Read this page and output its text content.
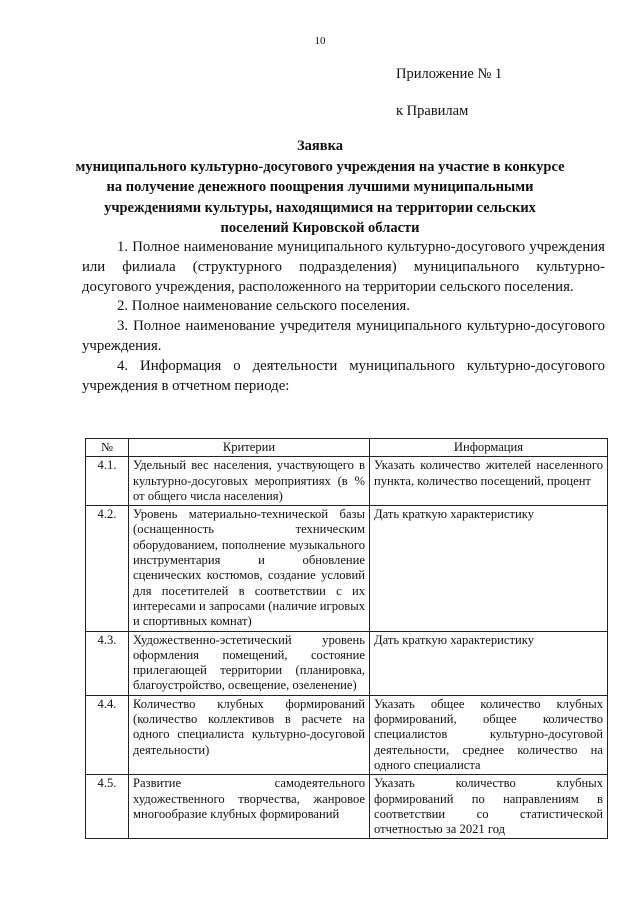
10
Приложение № 1
к Правилам
Заявка
муниципального культурно-досугового учреждения на участие в конкурсе
на получение денежного поощрения лучшими муниципальными
учреждениями культуры, находящимися на территории сельских
поселений Кировской области

1. Полное наименование муниципального культурно-досугового учреждения или филиала (структурного подразделения) муниципального культурно-досугового учреждения, расположенного на территории сельского поселения.

2. Полное наименование сельского поселения.

3. Полное наименование учредителя муниципального культурно-досугового учреждения.

4. Информация о деятельности муниципального культурно-досугового учреждения в отчетном периоде:

№	Критерии	Информация
4.1.	Удельный вес населения, участвующего в культурно-досуговых мероприятиях (в % от общего числа населения)	Указать количество жителей населенного пункта, количество посещений, процент
4.2.	Уровень материально-технической базы (оснащенность техническим оборудованием, пополнение музыкального инструментария и обновление сценических костюмов, создание условий для посетителей в соответствии с их интересами и запросами (наличие игровых и спортивных комнат)	Дать краткую характеристику
4.3.	Художественно-эстетический уровень оформления помещений, состояние прилегающей территории (планировка, благоустройство, освещение, озеленение)	Дать краткую характеристику
4.4.	Количество клубных формирований (количество коллективов в расчете на одного специалиста культурно-досуговой деятельности)	Указать общее количество клубных формирований, общее количество специалистов культурно-досуговой деятельности, среднее количество на одного специалиста
4.5.	Развитие самодеятельного художественного творчества, жанровое многообразие клубных формирований	Указать количество клубных формирований по направлениям в соответствии со статистической отчетностью за 2021 год
